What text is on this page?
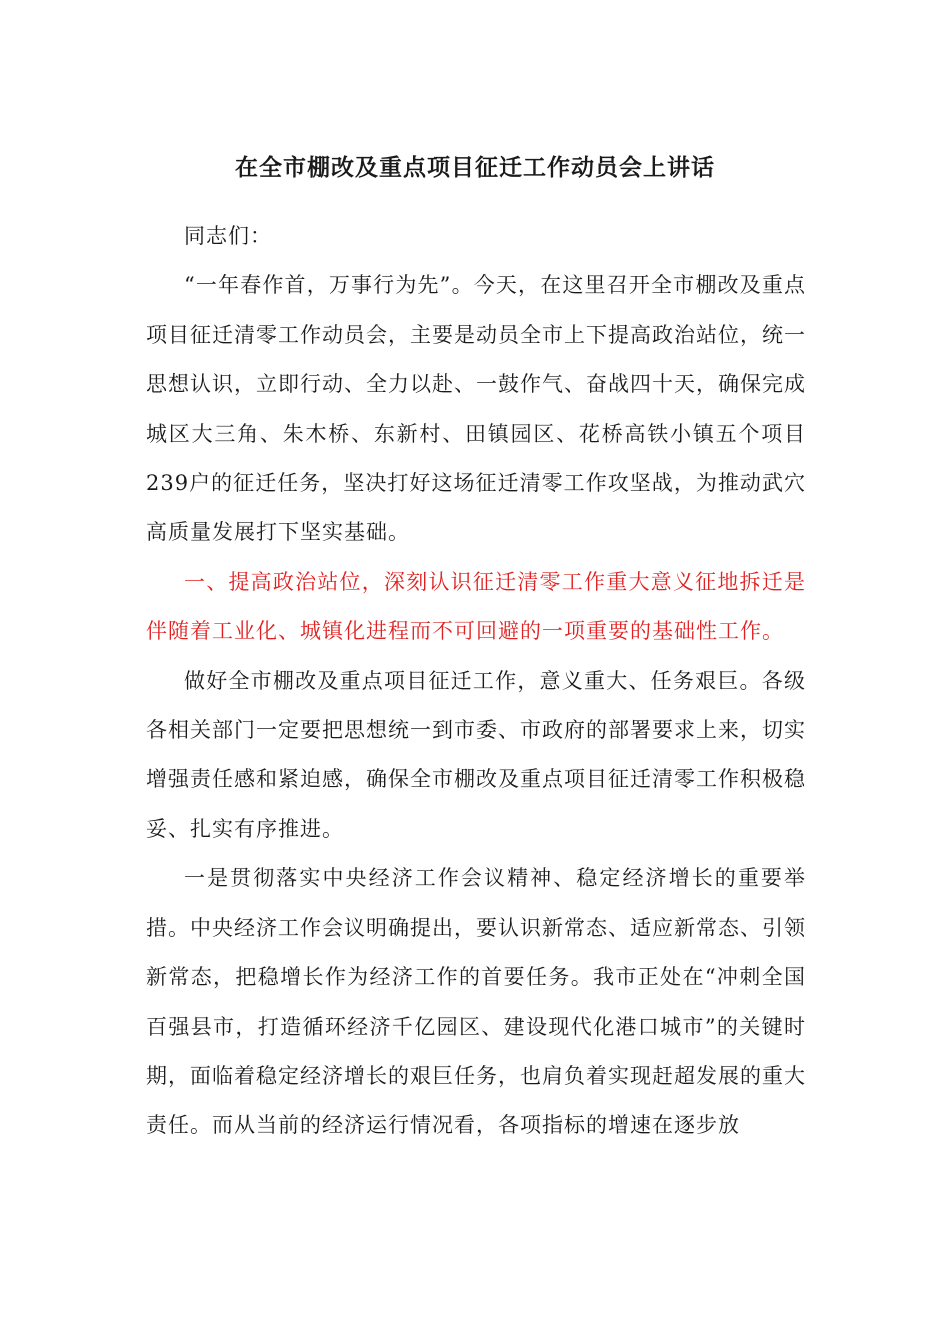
在全市棚改及重点项目征迁工作动员会上讲话

同志们：

“一年春作首，万事行为先”。今天，在这里召开全市棚改及重点项目征迁清零工作动员会，主要是动员全市上下提高政治站位，统一思想认识，立即行动、全力以赴、一鼓作气、奋战四十天，确保完成城区大三角、朱木桥、东新村、田镇园区、花桥高铁小镇五个项目239户的征迁任务，坚决打好这场征迁清零工作攻坚战，为推动武穴高质量发展打下坚实基础。

一、提高政治站位，深刻认识征迁清零工作重大意义征地拆迁是伴随着工业化、城镇化进程而不可回避的一项重要的基础性工作。

做好全市棚改及重点项目征迁工作，意义重大、任务艰巨。各级各相关部门一定要把思想统一到市委、市政府的部署要求上来，切实增强责任感和紧迫感，确保全市棚改及重点项目征迁清零工作积极稳妥、扎实有序推进。

一是贯彻落实中央经济工作会议精神、稳定经济增长的重要举措。中央经济工作会议明确提出，要认识新常态、适应新常态、引领新常态，把稳增长作为经济工作的首要任务。我市正处在“冲刺全国百强县市，打造循环经济千亿园区、建设现代化港口城市”的关键时期，面临着稳定经济增长的艰巨任务，也肩负着实现赶超发展的重大责任。而从当前的经济运行情况看，各项指标的增速在逐步放
